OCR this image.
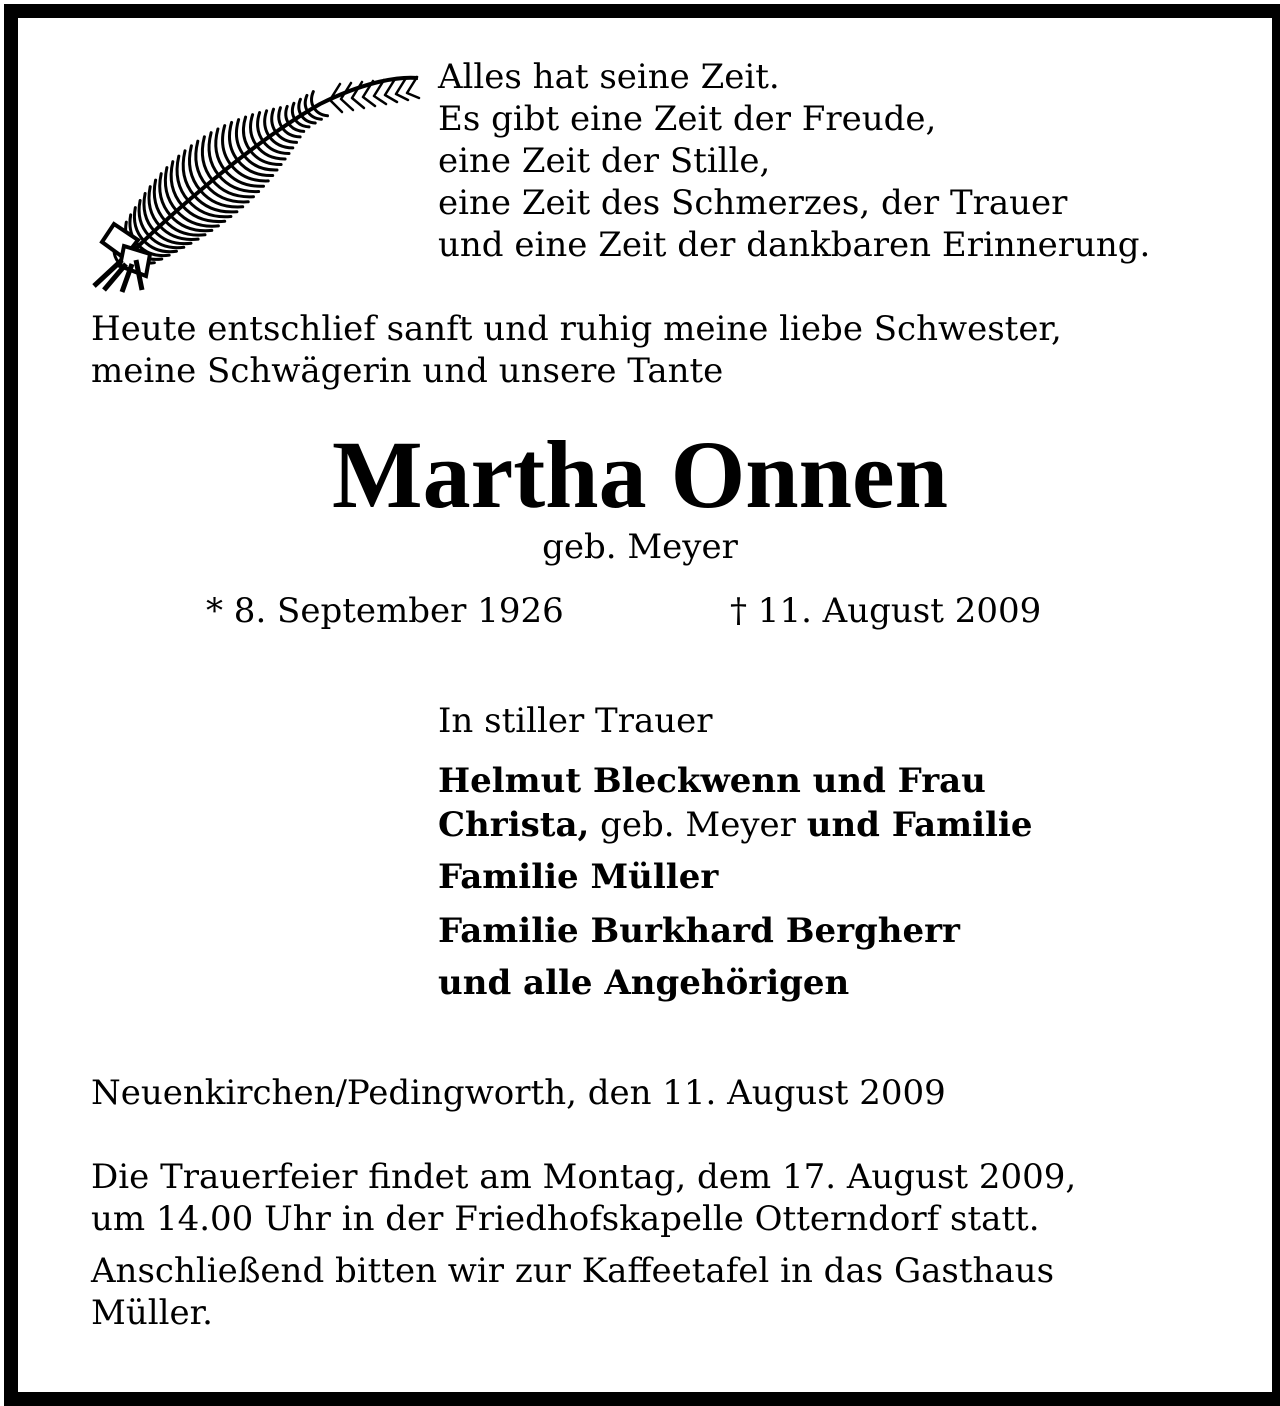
Alles hat seine Zeit.
Es gibt eine Zeit der Freude,
eine Zeit der Stille,
eine Zeit des Schmerzes, der Trauer
und eine Zeit der dankbaren Erinnerung.
Heute entschlief sanft und ruhig meine liebe Schwester,
meine Schwägerin und unsere Tante
Martha Onnen
geb. Meyer
* 8. September 1926	† 11. August 2009
In stiller Trauer
Helmut Bleckwenn und Frau
Christa, geb. Meyer und Familie
Familie Müller
Familie Burkhard Bergherr
und alle Angehörigen
Neuenkirchen/Pedingworth, den 11. August 2009
Die Trauerfeier findet am Montag, dem 17. August 2009,
um 14.00 Uhr in der Friedhofskapelle Otterndorf statt.
Anschließend bitten wir zur Kaffeetafel in das Gasthaus
Müller.
